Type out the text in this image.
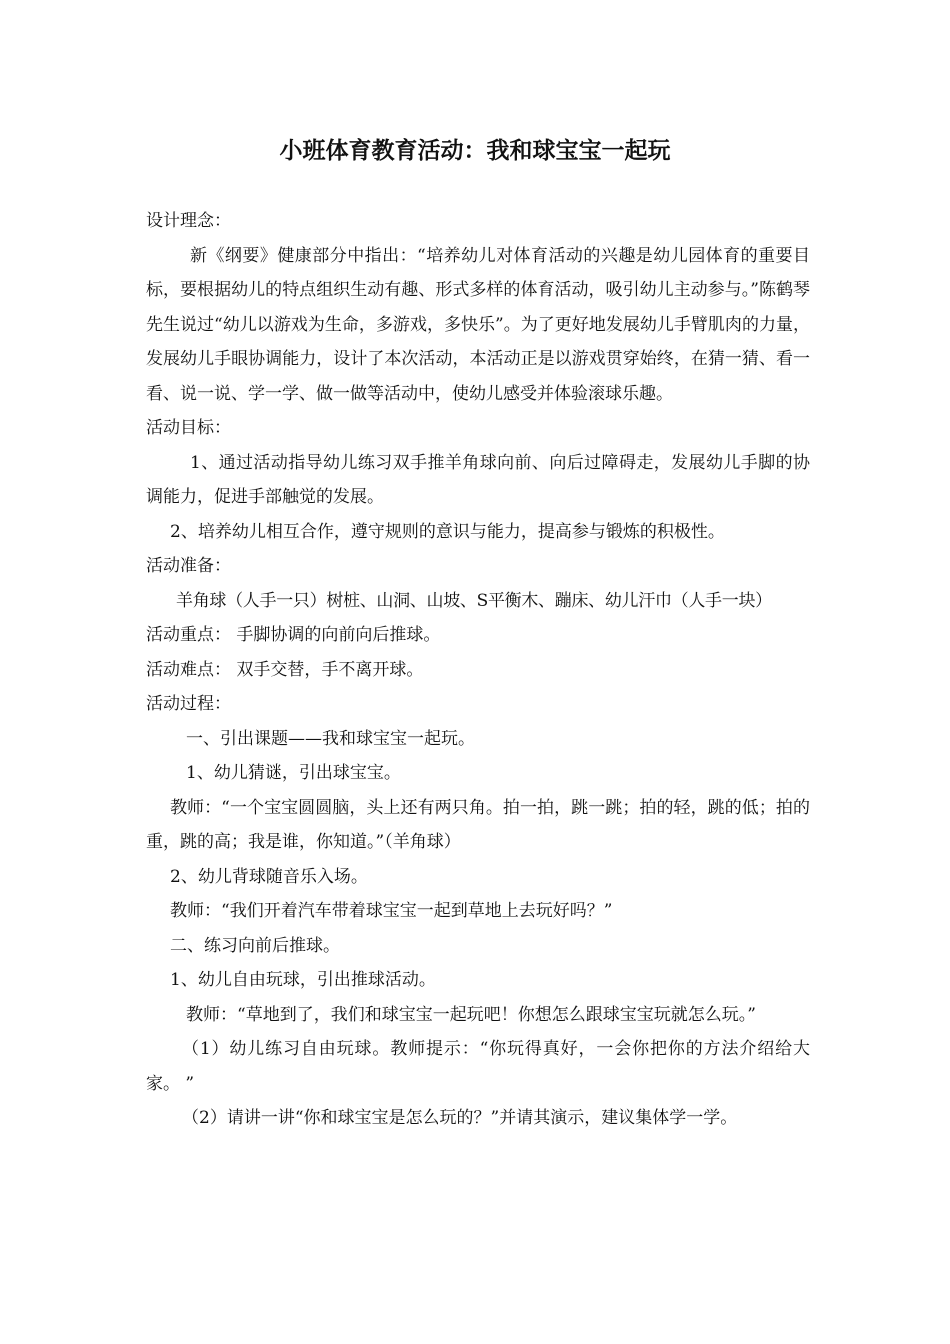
小班体育教育活动：我和球宝宝一起玩

设计理念：

新《纲要》健康部分中指出：“培养幼儿对体育活动的兴趣是幼儿园体育的重要目标，要根据幼儿的特点组织生动有趣、形式多样的体育活动，吸引幼儿主动参与。”陈鹤琴先生说过“幼儿以游戏为生命，多游戏，多快乐”。为了更好地发展幼儿手臂肌肉的力量，发展幼儿手眼协调能力，设计了本次活动，本活动正是以游戏贯穿始终，在猜一猜、看一看、说一说、学一学、做一做等活动中，使幼儿感受并体验滚球乐趣。

活动目标：

1、通过活动指导幼儿练习双手推羊角球向前、向后过障碍走，发展幼儿手脚的协调能力，促进手部触觉的发展。

2、培养幼儿相互合作，遵守规则的意识与能力，提高参与锻炼的积极性。

活动准备：

羊角球（人手一只）树桩、山洞、山坡、S平衡木、蹦床、幼儿汗巾（人手一块）

活动重点： 手脚协调的向前向后推球。

活动难点： 双手交替，手不离开球。

活动过程：

一、引出课题——我和球宝宝一起玩。

1、幼儿猜谜，引出球宝宝。

教师：“一个宝宝圆圆脑，头上还有两只角。拍一拍，跳一跳；拍的轻，跳的低；拍的重，跳的高；我是谁，你知道。”（羊角球）

2、幼儿背球随音乐入场。

教师：“我们开着汽车带着球宝宝一起到草地上去玩好吗？”

二、练习向前后推球。

1、幼儿自由玩球，引出推球活动。

教师：“草地到了，我们和球宝宝一起玩吧！你想怎么跟球宝宝玩就怎么玩。”

（1）幼儿练习自由玩球。教师提示：“你玩得真好，一会你把你的方法介绍给大家。 ”

（2）请讲一讲“你和球宝宝是怎么玩的？”并请其演示，建议集体学一学。
